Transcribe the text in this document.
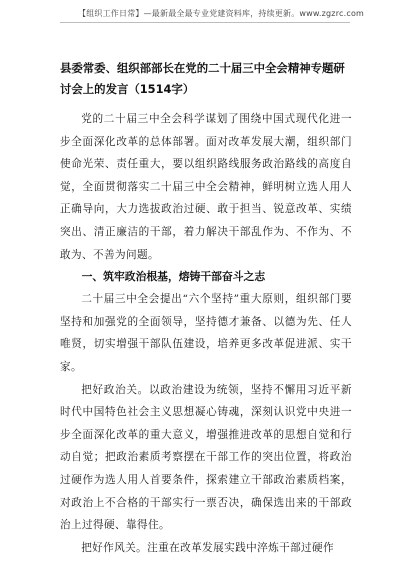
【组织工作日常】—最新最全最专业党建资料库，持续更新。www.zgzrc.com
县委常委、组织部部长在党的二十届三中全会精神专题研讨会上的发言（1514字）

党的二十届三中全会科学谋划了围绕中国式现代化进一步全面深化改革的总体部署。面对改革发展大潮，组织部门使命光荣、责任重大，要以组织路线服务政治路线的高度自觉，全面贯彻落实二十届三中全会精神，鲜明树立选人用人正确导向，大力选拔政治过硬、敢于担当、锐意改革、实绩突出、清正廉洁的干部，着力解决干部乱作为、不作为、不敢为、不善为问题。

一、筑牢政治根基，熔铸干部奋斗之志

二十届三中全会提出“六个坚持”重大原则，组织部门要坚持和加强党的全面领导，坚持德才兼备、以德为先、任人唯贤，切实增强干部队伍建设，培养更多改革促进派、实干家。

把好政治关。以政治建设为统领，坚持不懈用习近平新时代中国特色社会主义思想凝心铸魂，深刻认识党中央进一步全面深化改革的重大意义，增强推进改革的思想自觉和行动自觉；把政治素质考察摆在干部工作的突出位置，将政治过硬作为选人用人首要条件，探索建立干部政治素质档案，对政治上不合格的干部实行一票否决，确保选出来的干部政治上过得硬、靠得住。

把好作风关。注重在改革发展实践中淬炼干部过硬作
